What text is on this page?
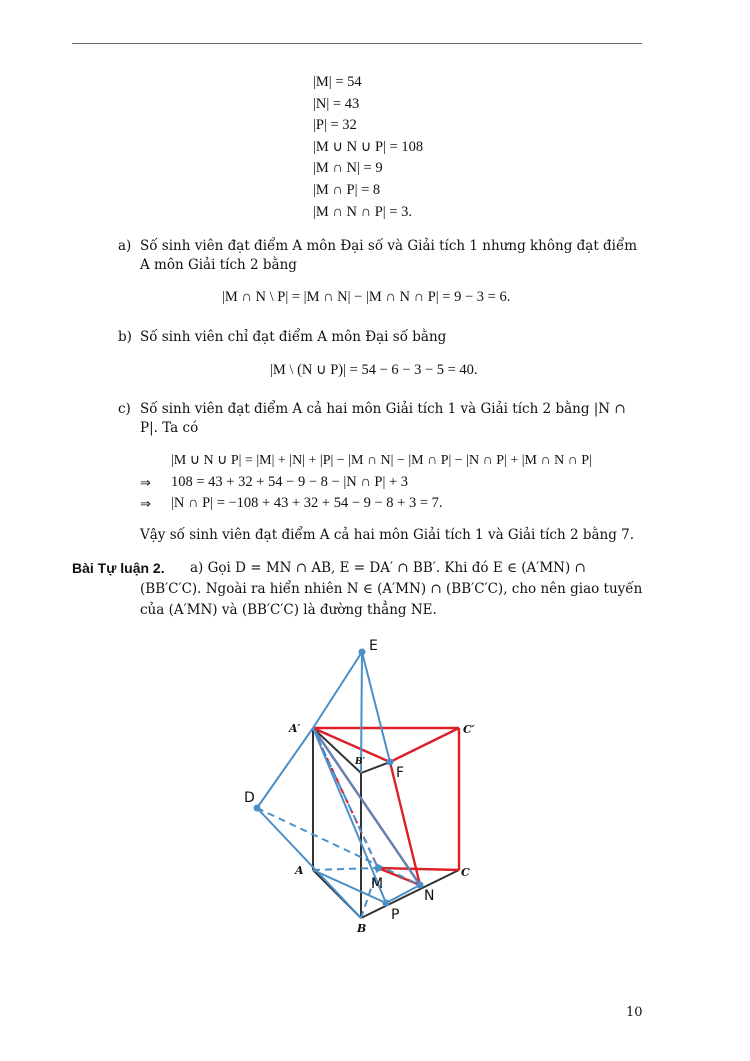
|M| = 54
|N| = 43
|P| = 32
|M ∪ N ∪ P| = 108
|M ∩ N| = 9
|M ∩ P| = 8
|M ∩ N ∩ P| = 3.
a) Số sinh viên đạt điểm A môn Đại số và Giải tích 1 nhưng không đạt điểm A môn Giải tích 2 bằng
|M ∩ N \ P| = |M ∩ N| − |M ∩ N ∩ P| = 9 − 3 = 6.
b) Số sinh viên chỉ đạt điểm A môn Đại số bằng
|M \ (N ∪ P)| = 54 − 6 − 3 − 5 = 40.
c) Số sinh viên đạt điểm A cả hai môn Giải tích 1 và Giải tích 2 bằng |N ∩ P|. Ta có
|M ∪ N ∪ P| = |M| + |N| + |P| − |M ∩ N| − |M ∩ P| − |N ∩ P| + |M ∩ N ∩ P|
⇒ 108 = 43 + 32 + 54 − 9 − 8 − |N ∩ P| + 3
⇒ |N ∩ P| = −108 + 43 + 32 + 54 − 9 − 8 + 3 = 7.
Vậy số sinh viên đạt điểm A cả hai môn Giải tích 1 và Giải tích 2 bằng 7.
Bài Tự luận 2. a) Gọi D = MN ∩ AB, E = DA′ ∩ BB′. Khi đó E ∈ (A′MN) ∩
(BB′C′C). Ngoài ra hiển nhiên N ∈ (A′MN) ∩ (BB′C′C), cho nên giao tuyến
của (A′MN) và (BB′C′C) là đường thẳng NE.
E
A′	C′
B′
F
D
A
M
C
N
P
B
10
